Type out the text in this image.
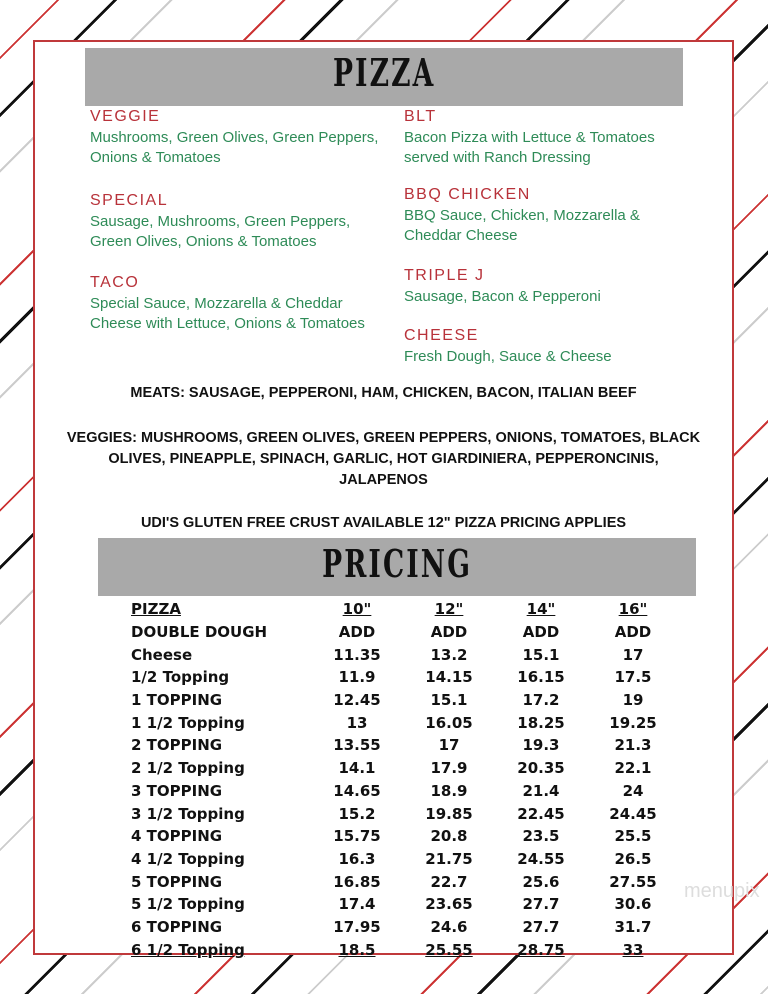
PIZZA
VEGGIE
Mushrooms, Green Olives, Green Peppers, Onions & Tomatoes
SPECIAL
Sausage, Mushrooms, Green Peppers, Green Olives, Onions & Tomatoes
TACO
Special Sauce, Mozzarella & Cheddar Cheese with Lettuce, Onions & Tomatoes
BLT
Bacon Pizza with Lettuce & Tomatoes served with Ranch Dressing
BBQ CHICKEN
BBQ Sauce, Chicken, Mozzarella & Cheddar Cheese
TRIPLE J
Sausage, Bacon & Pepperoni
CHEESE
Fresh Dough, Sauce & Cheese
MEATS: SAUSAGE, PEPPERONI, HAM, CHICKEN, BACON, ITALIAN BEEF
VEGGIES: MUSHROOMS, GREEN OLIVES, GREEN PEPPERS, ONIONS, TOMATOES, BLACK OLIVES, PINEAPPLE, SPINACH, GARLIC, HOT GIARDINIERA, PEPPERONCINIS, JALAPENOS
UDI'S GLUTEN FREE CRUST AVAILABLE 12" PIZZA PRICING APPLIES
PRICING
PIZZA	10"	12"	14"	16"
DOUBLE DOUGH	ADD	ADD	ADD	ADD
Cheese	11.35	13.2	15.1	17
1/2 Topping	11.9	14.15	16.15	17.5
1 TOPPING	12.45	15.1	17.2	19
1 1/2 Topping	13	16.05	18.25	19.25
2 TOPPING	13.55	17	19.3	21.3
2 1/2 Topping	14.1	17.9	20.35	22.1
3 TOPPING	14.65	18.9	21.4	24
3 1/2 Topping	15.2	19.85	22.45	24.45
4 TOPPING	15.75	20.8	23.5	25.5
4 1/2 Topping	16.3	21.75	24.55	26.5
5 TOPPING	16.85	22.7	25.6	27.55
5 1/2 Topping	17.4	23.65	27.7	30.6
6 TOPPING	17.95	24.6	27.7	31.7
6 1/2 Topping	18.5	25.55	28.75	33
menupix
